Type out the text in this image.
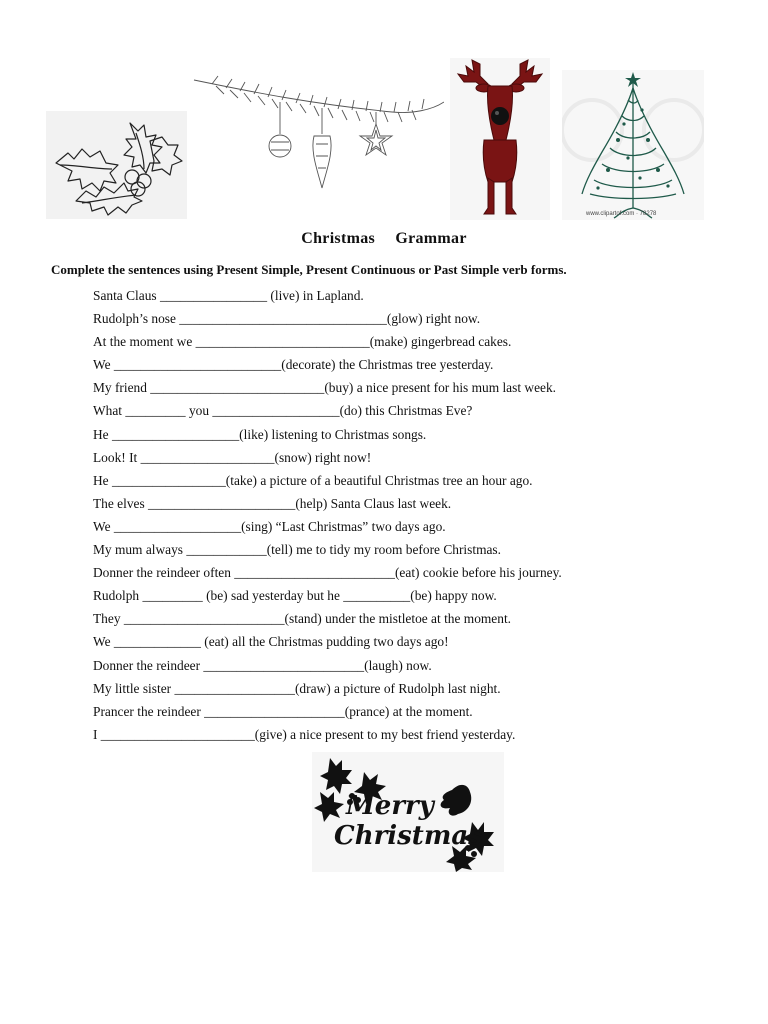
www.clipartof.com · 78278
Christmas Grammar
Complete the sentences using Present Simple, Present Continuous or Past Simple verb forms.
Santa Claus ________________ (live) in Lapland.
Rudolph’s nose _______________________________(glow) right now.
At the moment we __________________________(make) gingerbread cakes.
We _________________________(decorate) the Christmas tree yesterday.
My friend __________________________(buy) a nice present for his mum last week.
What _________ you ___________________(do) this Christmas Eve?
He ___________________(like) listening to Christmas songs.
Look! It ____________________(snow) right now!
He _________________(take) a picture of a beautiful Christmas tree an hour ago.
The elves ______________________(help) Santa Claus last week.
We ___________________(sing) “Last Christmas” two days ago.
My mum always ____________(tell) me to tidy my room before Christmas.
Donner the reindeer often ________________________(eat) cookie before his journey.
Rudolph _________ (be) sad yesterday but he __________(be) happy now.
They ________________________(stand) under the mistletoe at the moment.
We _____________ (eat) all the Christmas pudding two days ago!
Donner the reindeer ________________________(laugh) now.
My little sister __________________(draw) a picture of Rudolph last night.
Prancer the reindeer _____________________(prance) at the moment.
I _______________________(give) a nice present to my best friend yesterday.
Merry
Christmas
